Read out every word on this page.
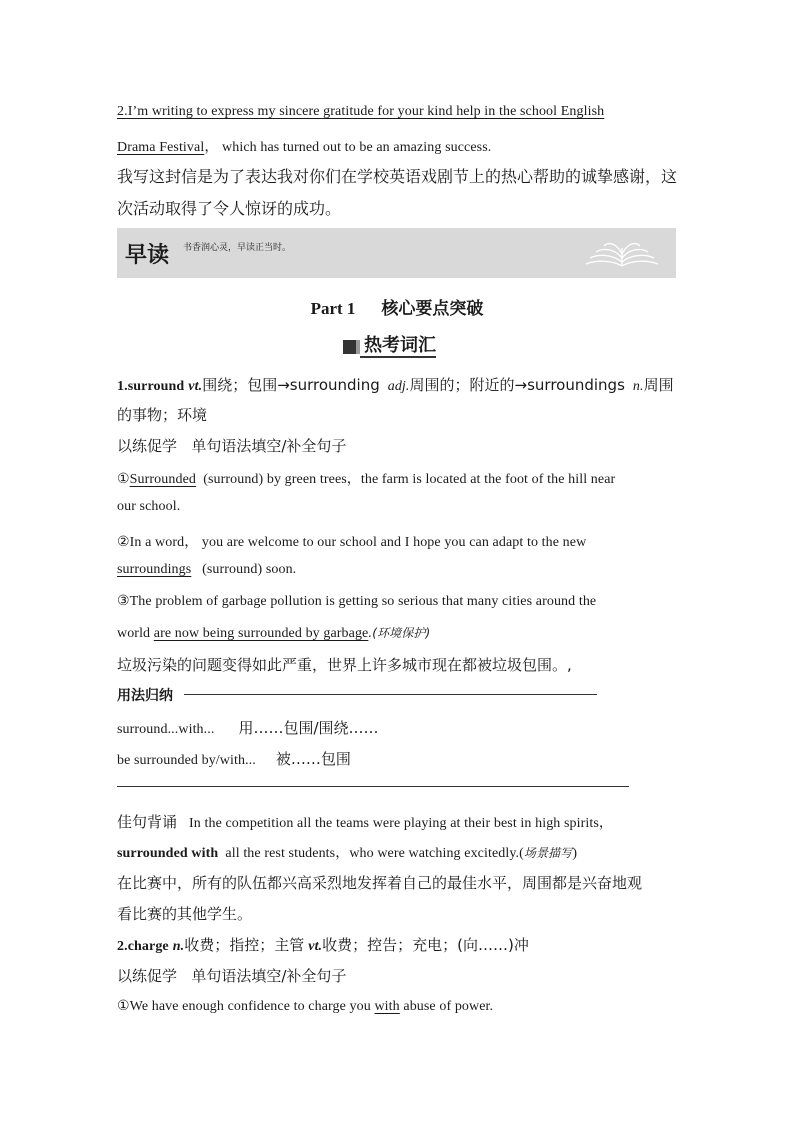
2.I’m writing to express my sincere gratitude for your kind help in the school English
Drama Festival， which has turned out to be an amazing success.
我写这封信是为了表达我对你们在学校英语戏剧节上的热心帮助的诚挚感谢，这
次活动取得了令人惊讶的成功。
早读 书香润心灵，早读正当时。
Part 1 核心要点突破
热考词汇
1.surround vt.围绕；包围→surrounding adj.周围的；附近的→surroundings n.周围
的事物；环境
以练促学 单句语法填空/补全句子
①Surrounded (surround) by green trees，the farm is located at the foot of the hill near
our school.
②In a word， you are welcome to our school and I hope you can adapt to the new
surroundings (surround) soon.
③The problem of garbage pollution is getting so serious that many cities around the
world are now being surrounded by garbage.(环境保护)
垃圾污染的问题变得如此严重，世界上许多城市现在都被垃圾包围。,
用法归纳
surround...with... 用……包围/围绕……
be surrounded by/with... 被……包围
佳句背诵 In the competition all the teams were playing at their best in high spirits，
surrounded with all the rest students，who were watching excitedly.(场景描写)
在比赛中，所有的队伍都兴高采烈地发挥着自己的最佳水平，周围都是兴奋地观
看比赛的其他学生。
2.charge n.收费；指控；主管 vt.收费；控告；充电；(向……)冲
以练促学 单句语法填空/补全句子
①We have enough confidence to charge you with abuse of power.
